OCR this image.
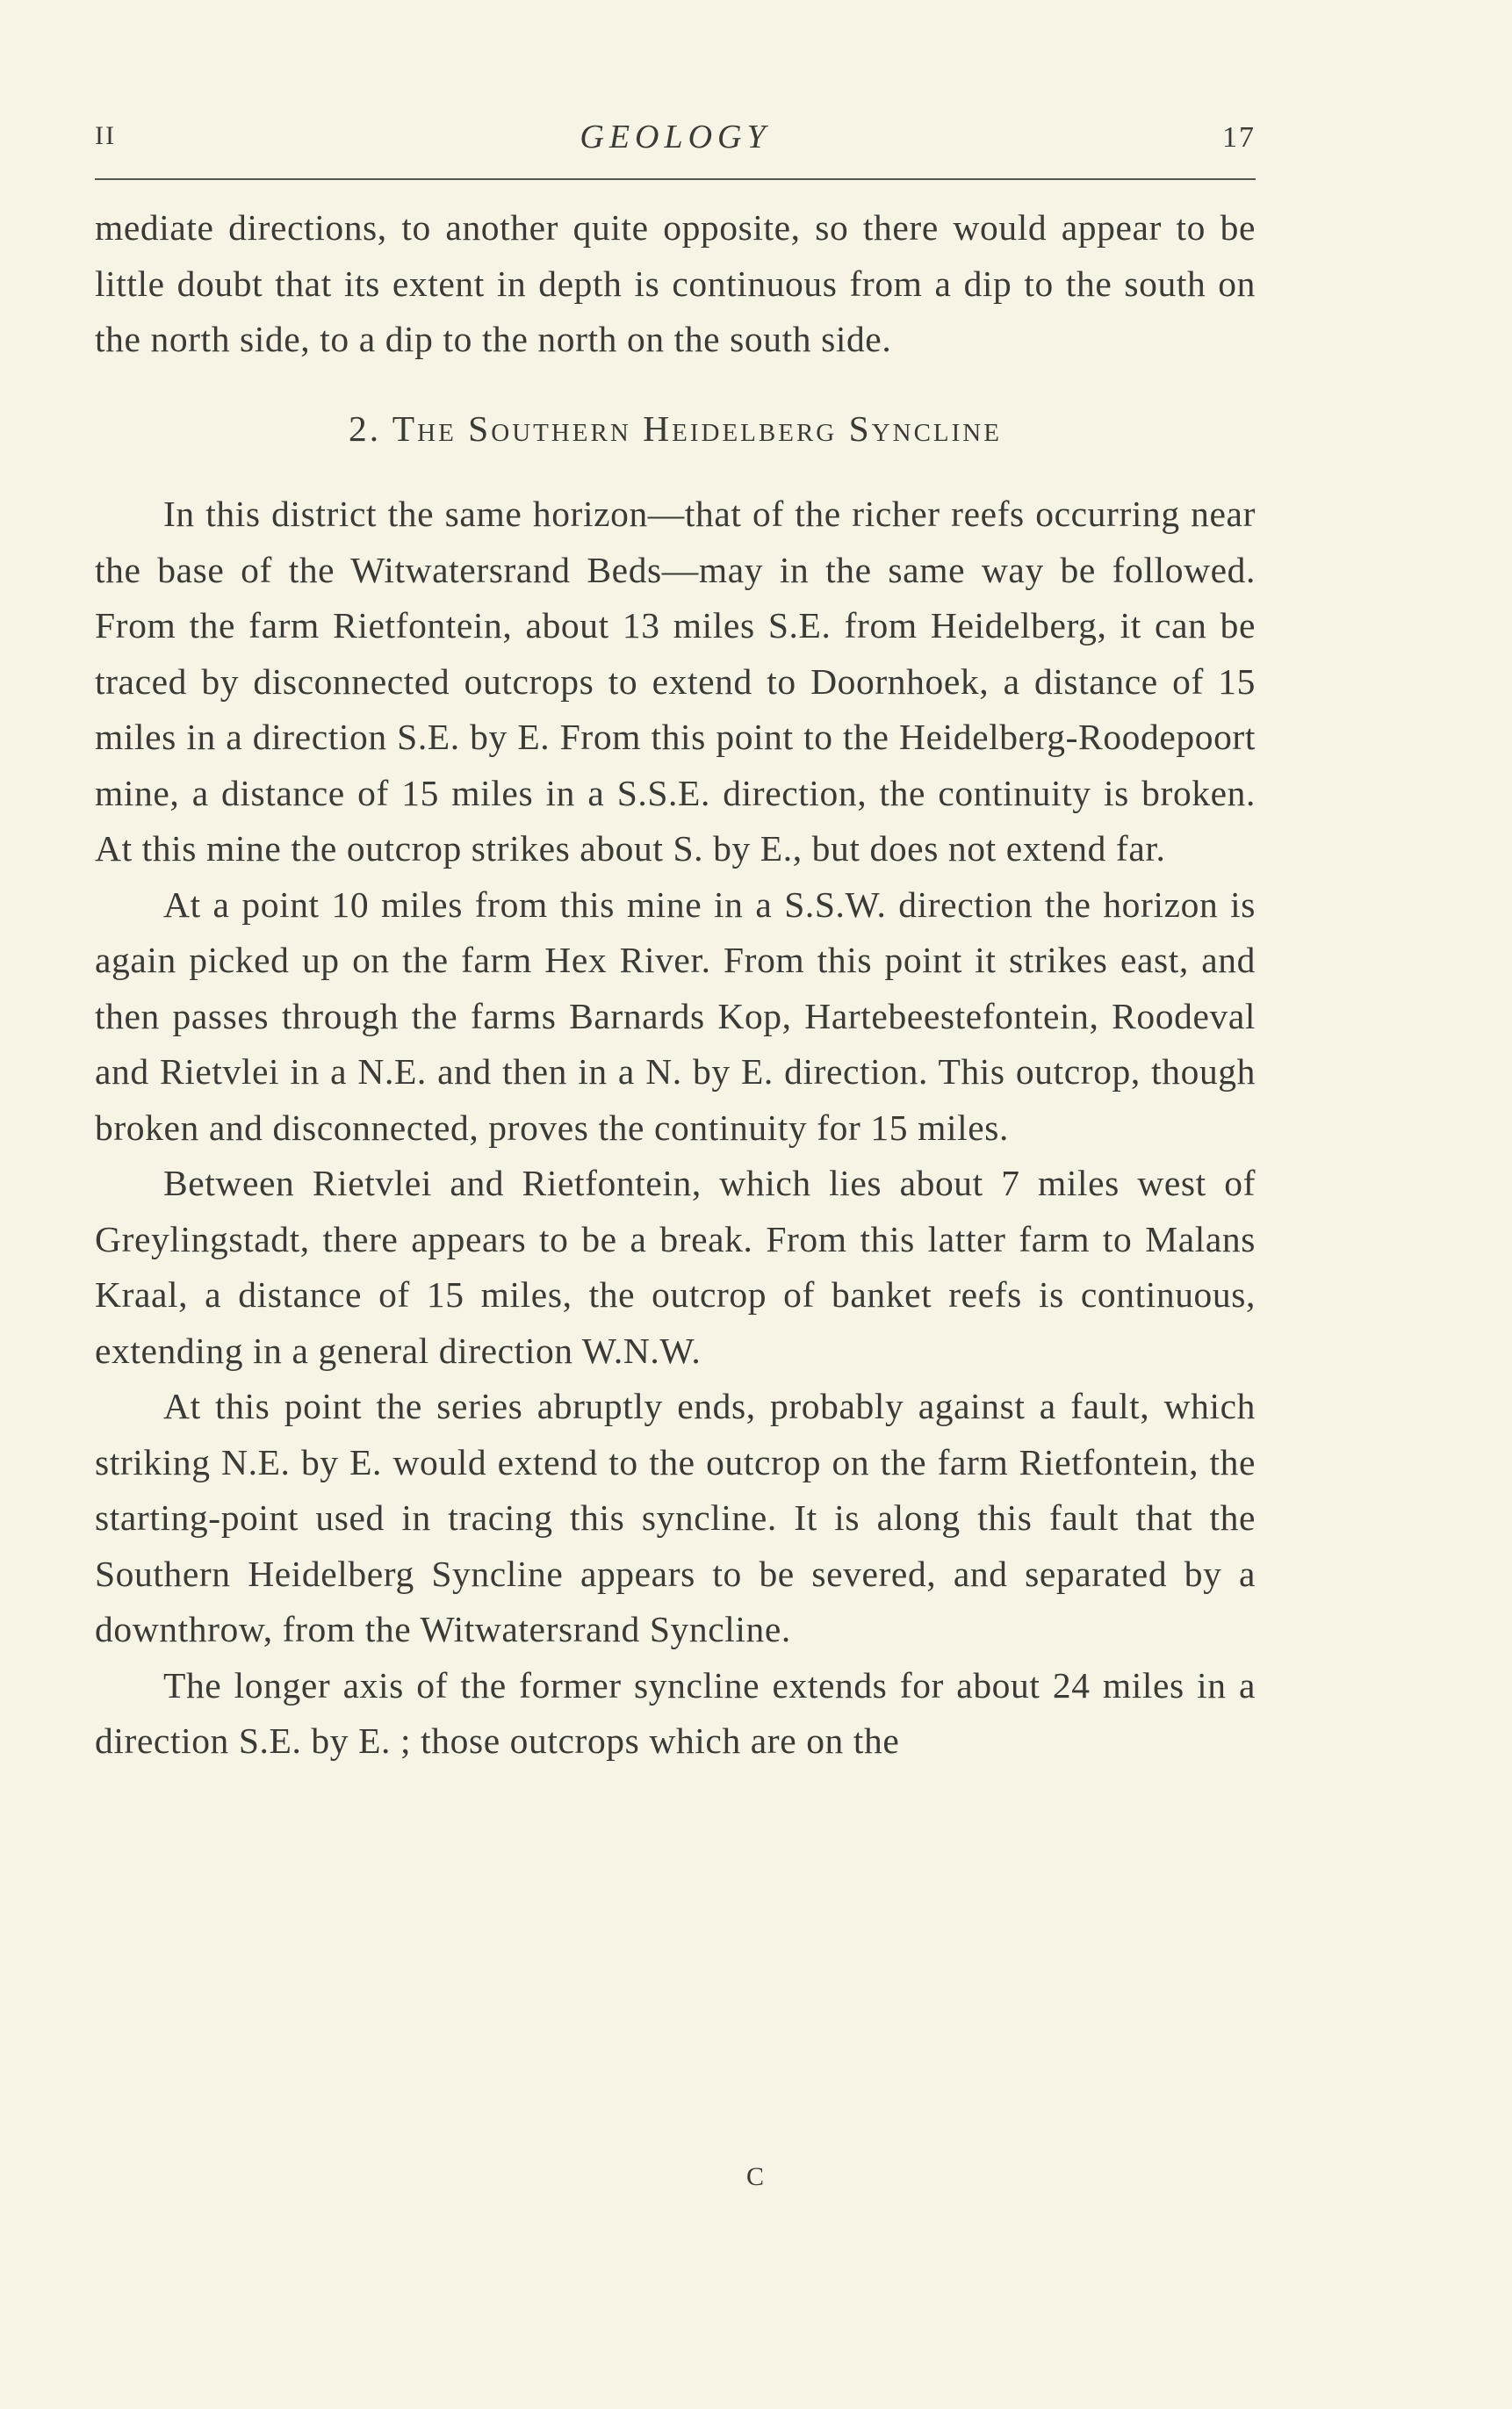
II	GEOLOGY	17

mediate directions, to another quite opposite, so there would appear to be little doubt that its extent in depth is continuous from a dip to the south on the north side, to a dip to the north on the south side.

2. The Southern Heidelberg Syncline

In this district the same horizon—that of the richer reefs occurring near the base of the Witwatersrand Beds—may in the same way be followed. From the farm Rietfontein, about 13 miles S.E. from Heidelberg, it can be traced by disconnected outcrops to extend to Doornhoek, a distance of 15 miles in a direction S.E. by E. From this point to the Heidelberg-Roodepoort mine, a distance of 15 miles in a S.S.E. direction, the continuity is broken. At this mine the outcrop strikes about S. by E., but does not extend far.

At a point 10 miles from this mine in a S.S.W. direction the horizon is again picked up on the farm Hex River. From this point it strikes east, and then passes through the farms Barnards Kop, Hartebeestefontein, Roodeval and Rietvlei in a N.E. and then in a N. by E. direction. This outcrop, though broken and disconnected, proves the continuity for 15 miles.

Between Rietvlei and Rietfontein, which lies about 7 miles west of Greylingstadt, there appears to be a break. From this latter farm to Malans Kraal, a distance of 15 miles, the outcrop of banket reefs is continuous, extending in a general direction W.N.W.

At this point the series abruptly ends, probably against a fault, which striking N.E. by E. would extend to the outcrop on the farm Rietfontein, the starting-point used in tracing this syncline. It is along this fault that the Southern Heidelberg Syncline appears to be severed, and separated by a downthrow, from the Witwatersrand Syncline.

The longer axis of the former syncline extends for about 24 miles in a direction S.E. by E. ; those outcrops which are on the

C
